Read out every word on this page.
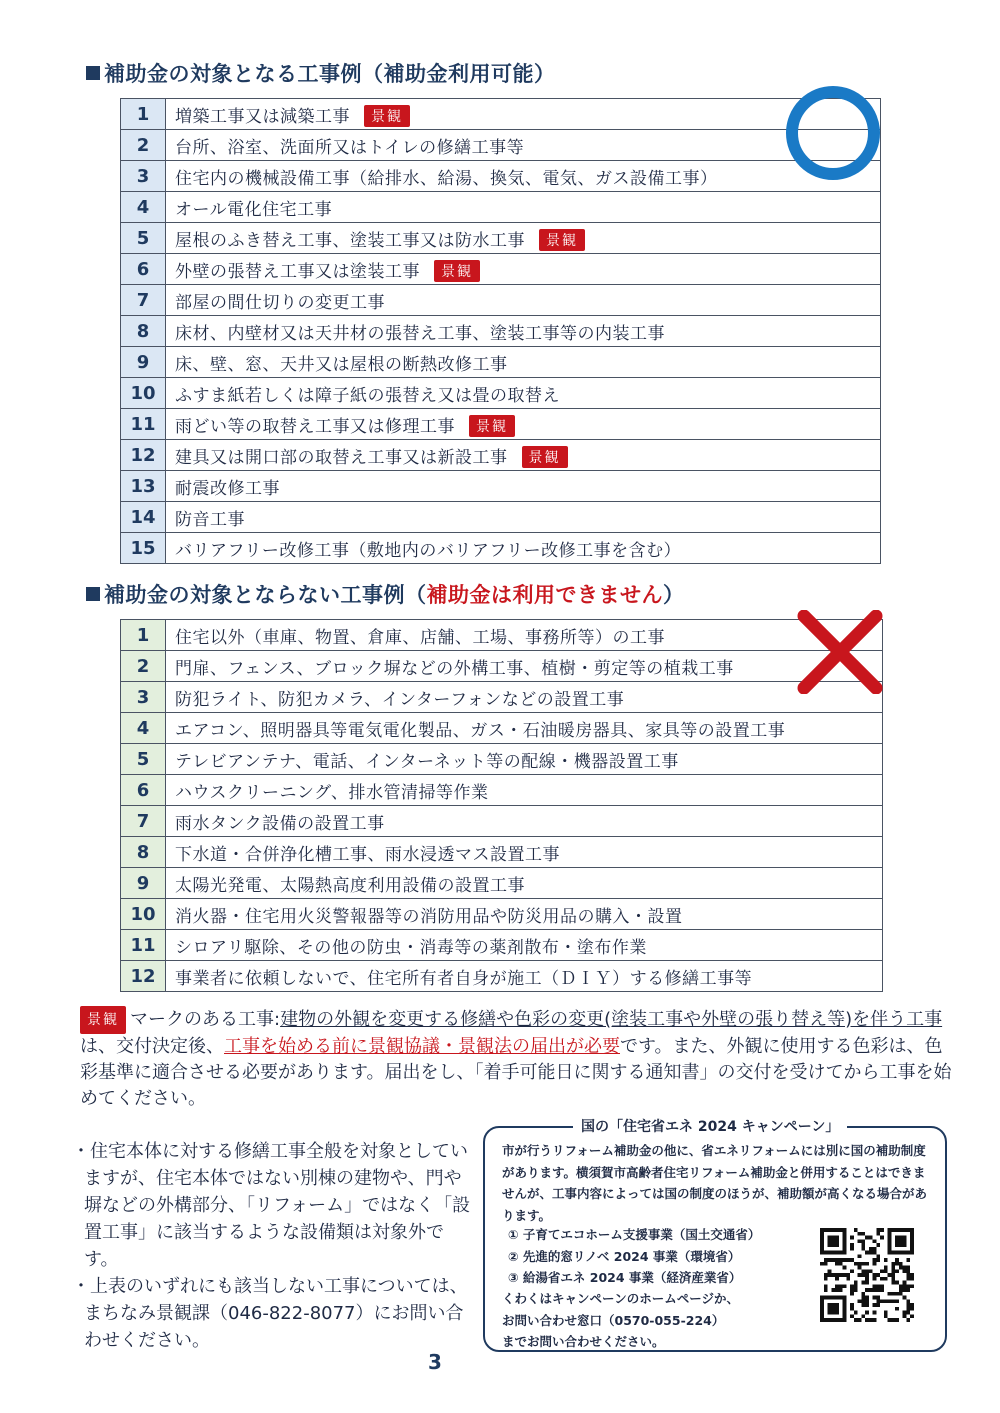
補助金の対象となる工事例（補助金利用可能）
1	増築工事又は減築工事 景観
2	台所、浴室、洗面所又はトイレの修繕工事等
3	住宅内の機械設備工事（給排水、給湯、換気、電気、ガス設備工事）
4	オール電化住宅工事
5	屋根のふき替え工事、塗装工事又は防水工事 景観
6	外壁の張替え工事又は塗装工事 景観
7	部屋の間仕切りの変更工事
8	床材、内壁材又は天井材の張替え工事、塗装工事等の内装工事
9	床、壁、窓、天井又は屋根の断熱改修工事
10	ふすま紙若しくは障子紙の張替え又は畳の取替え
11	雨どい等の取替え工事又は修理工事 景観
12	建具又は開口部の取替え工事又は新設工事 景観
13	耐震改修工事
14	防音工事
15	バリアフリー改修工事（敷地内のバリアフリー改修工事を含む）
補助金の対象とならない工事例（補助金は利用できません）
1	住宅以外（車庫、物置、倉庫、店舗、工場、事務所等）の工事
2	門扉、フェンス、ブロック塀などの外構工事、植樹・剪定等の植栽工事
3	防犯ライト、防犯カメラ、インターフォンなどの設置工事
4	エアコン、照明器具等電気電化製品、ガス・石油暖房器具、家具等の設置工事
5	テレビアンテナ、電話、インターネット等の配線・機器設置工事
6	ハウスクリーニング、排水管清掃等作業
7	雨水タンク設備の設置工事
8	下水道・合併浄化槽工事、雨水浸透マス設置工事
9	太陽光発電、太陽熱高度利用設備の設置工事
10	消火器・住宅用火災警報器等の消防用品や防災用品の購入・設置
11	シロアリ駆除、その他の防虫・消毒等の薬剤散布・塗布作業
12	事業者に依頼しないで、住宅所有者自身が施工（ＤＩＹ）する修繕工事等
景観 マークのある工事:建物の外観を変更する修繕や色彩の変更(塗装工事や外壁の張り替え等)を伴う工事は、交付決定後、工事を始める前に景観協議・景観法の届出が必要です。また、外観に使用する色彩は、色彩基準に適合させる必要があります。届出をし、「着手可能日に関する通知書」の交付を受けてから工事を始めてください。
・住宅本体に対する修繕工事全般を対象としていますが、住宅本体ではない別棟の建物や、門や塀などの外構部分、「リフォーム」ではなく「設置工事」に該当するような設備類は対象外です。
・上表のいずれにも該当しない工事については、まちなみ景観課（046-822-8077）にお問い合わせください。
国の「住宅省エネ 2024 キャンペーン」
市が行うリフォーム補助金の他に、省エネリフォームには別に国の補助制度があります。横須賀市高齢者住宅リフォーム補助金と併用することはできませんが、工事内容によっては国の制度のほうが、補助額が高くなる場合があります。
① 子育てエコホーム支援事業（国土交通省）
② 先進的窓リノベ 2024 事業（環境省）
③ 給湯省エネ 2024 事業（経済産業省）
くわくはキャンペーンのホームページか、
お問い合わせ窓口（0570-055-224）
までお問い合わせください。
3
